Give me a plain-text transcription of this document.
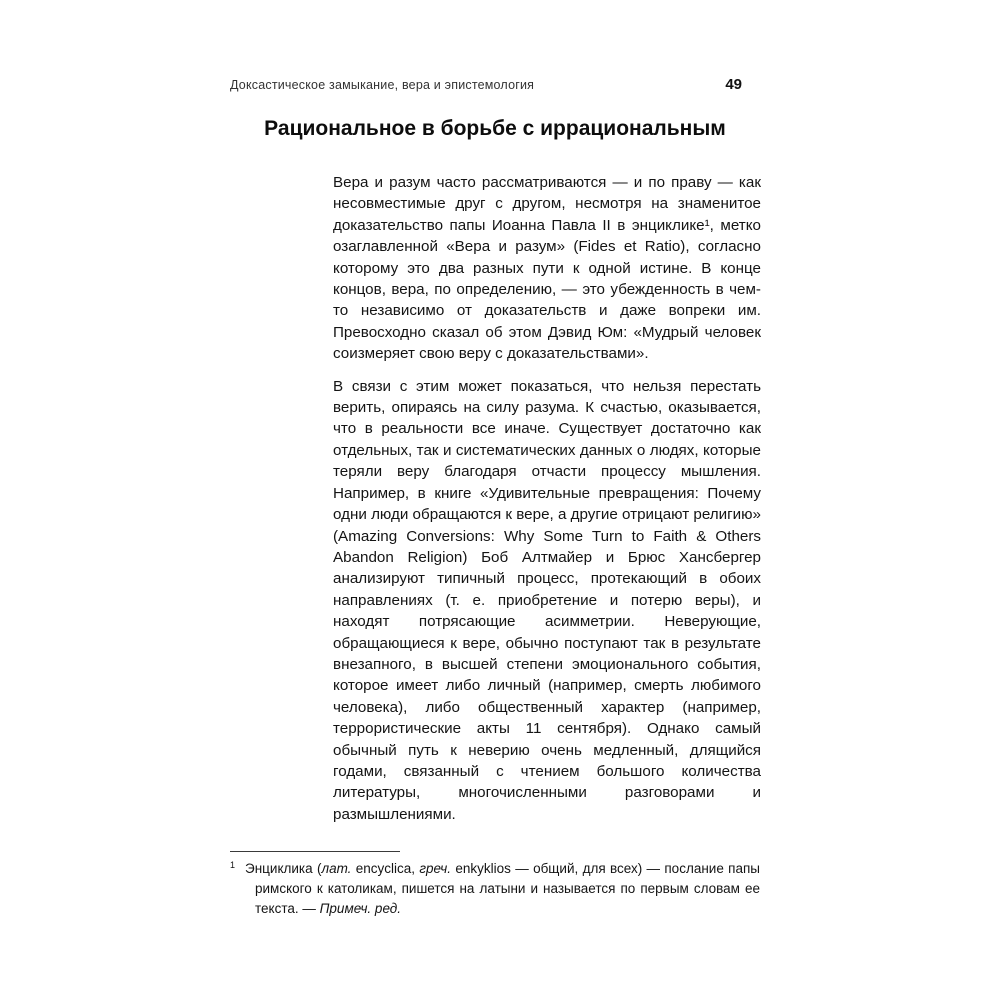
Доксастическое замыкание, вера и эпистемология	49
Рациональное в борьбе с иррациональным

Вера и разум часто рассматриваются — и по праву — как несовместимые друг с другом, несмотря на знаменитое доказательство папы Иоанна Павла II в энциклике¹, метко озаглавленной «Вера и разум» (Fides et Ratio), согласно которому это два разных пути к одной истине. В конце концов, вера, по определению, — это убежденность в чем-то независимо от доказательств и даже вопреки им. Превосходно сказал об этом Дэвид Юм: «Мудрый человек соизмеряет свою веру с доказательствами».

В связи с этим может показаться, что нельзя перестать верить, опираясь на силу разума. К счастью, оказывается, что в реальности все иначе. Существует достаточно как отдельных, так и систематических данных о людях, которые теряли веру благодаря отчасти процессу мышления. Например, в книге «Удивительные превращения: Почему одни люди обращаются к вере, а другие отрицают религию» (Amazing Conversions: Why Some Turn to Faith & Others Abandon Religion) Боб Алтмайер и Брюс Хансбергер анализируют типичный процесс, протекающий в обоих направлениях (т. е. приобретение и потерю веры), и находят потрясающие асимметрии. Неверующие, обращающиеся к вере, обычно поступают так в результате внезапного, в высшей степени эмоционального события, которое имеет либо личный (например, смерть любимого человека), либо общественный характер (например, террористические акты 11 сентября). Однако самый обычный путь к неверию очень медленный, длящийся годами, связанный с чтением большого количества литературы, многочисленными разговорами и размышлениями.

$^1$ Энциклика (лат. encyclica, греч. enkyklios — общий, для всех) — послание папы римского к католикам, пишется на латыни и называется по первым словам ее текста. — Примеч. ред.
